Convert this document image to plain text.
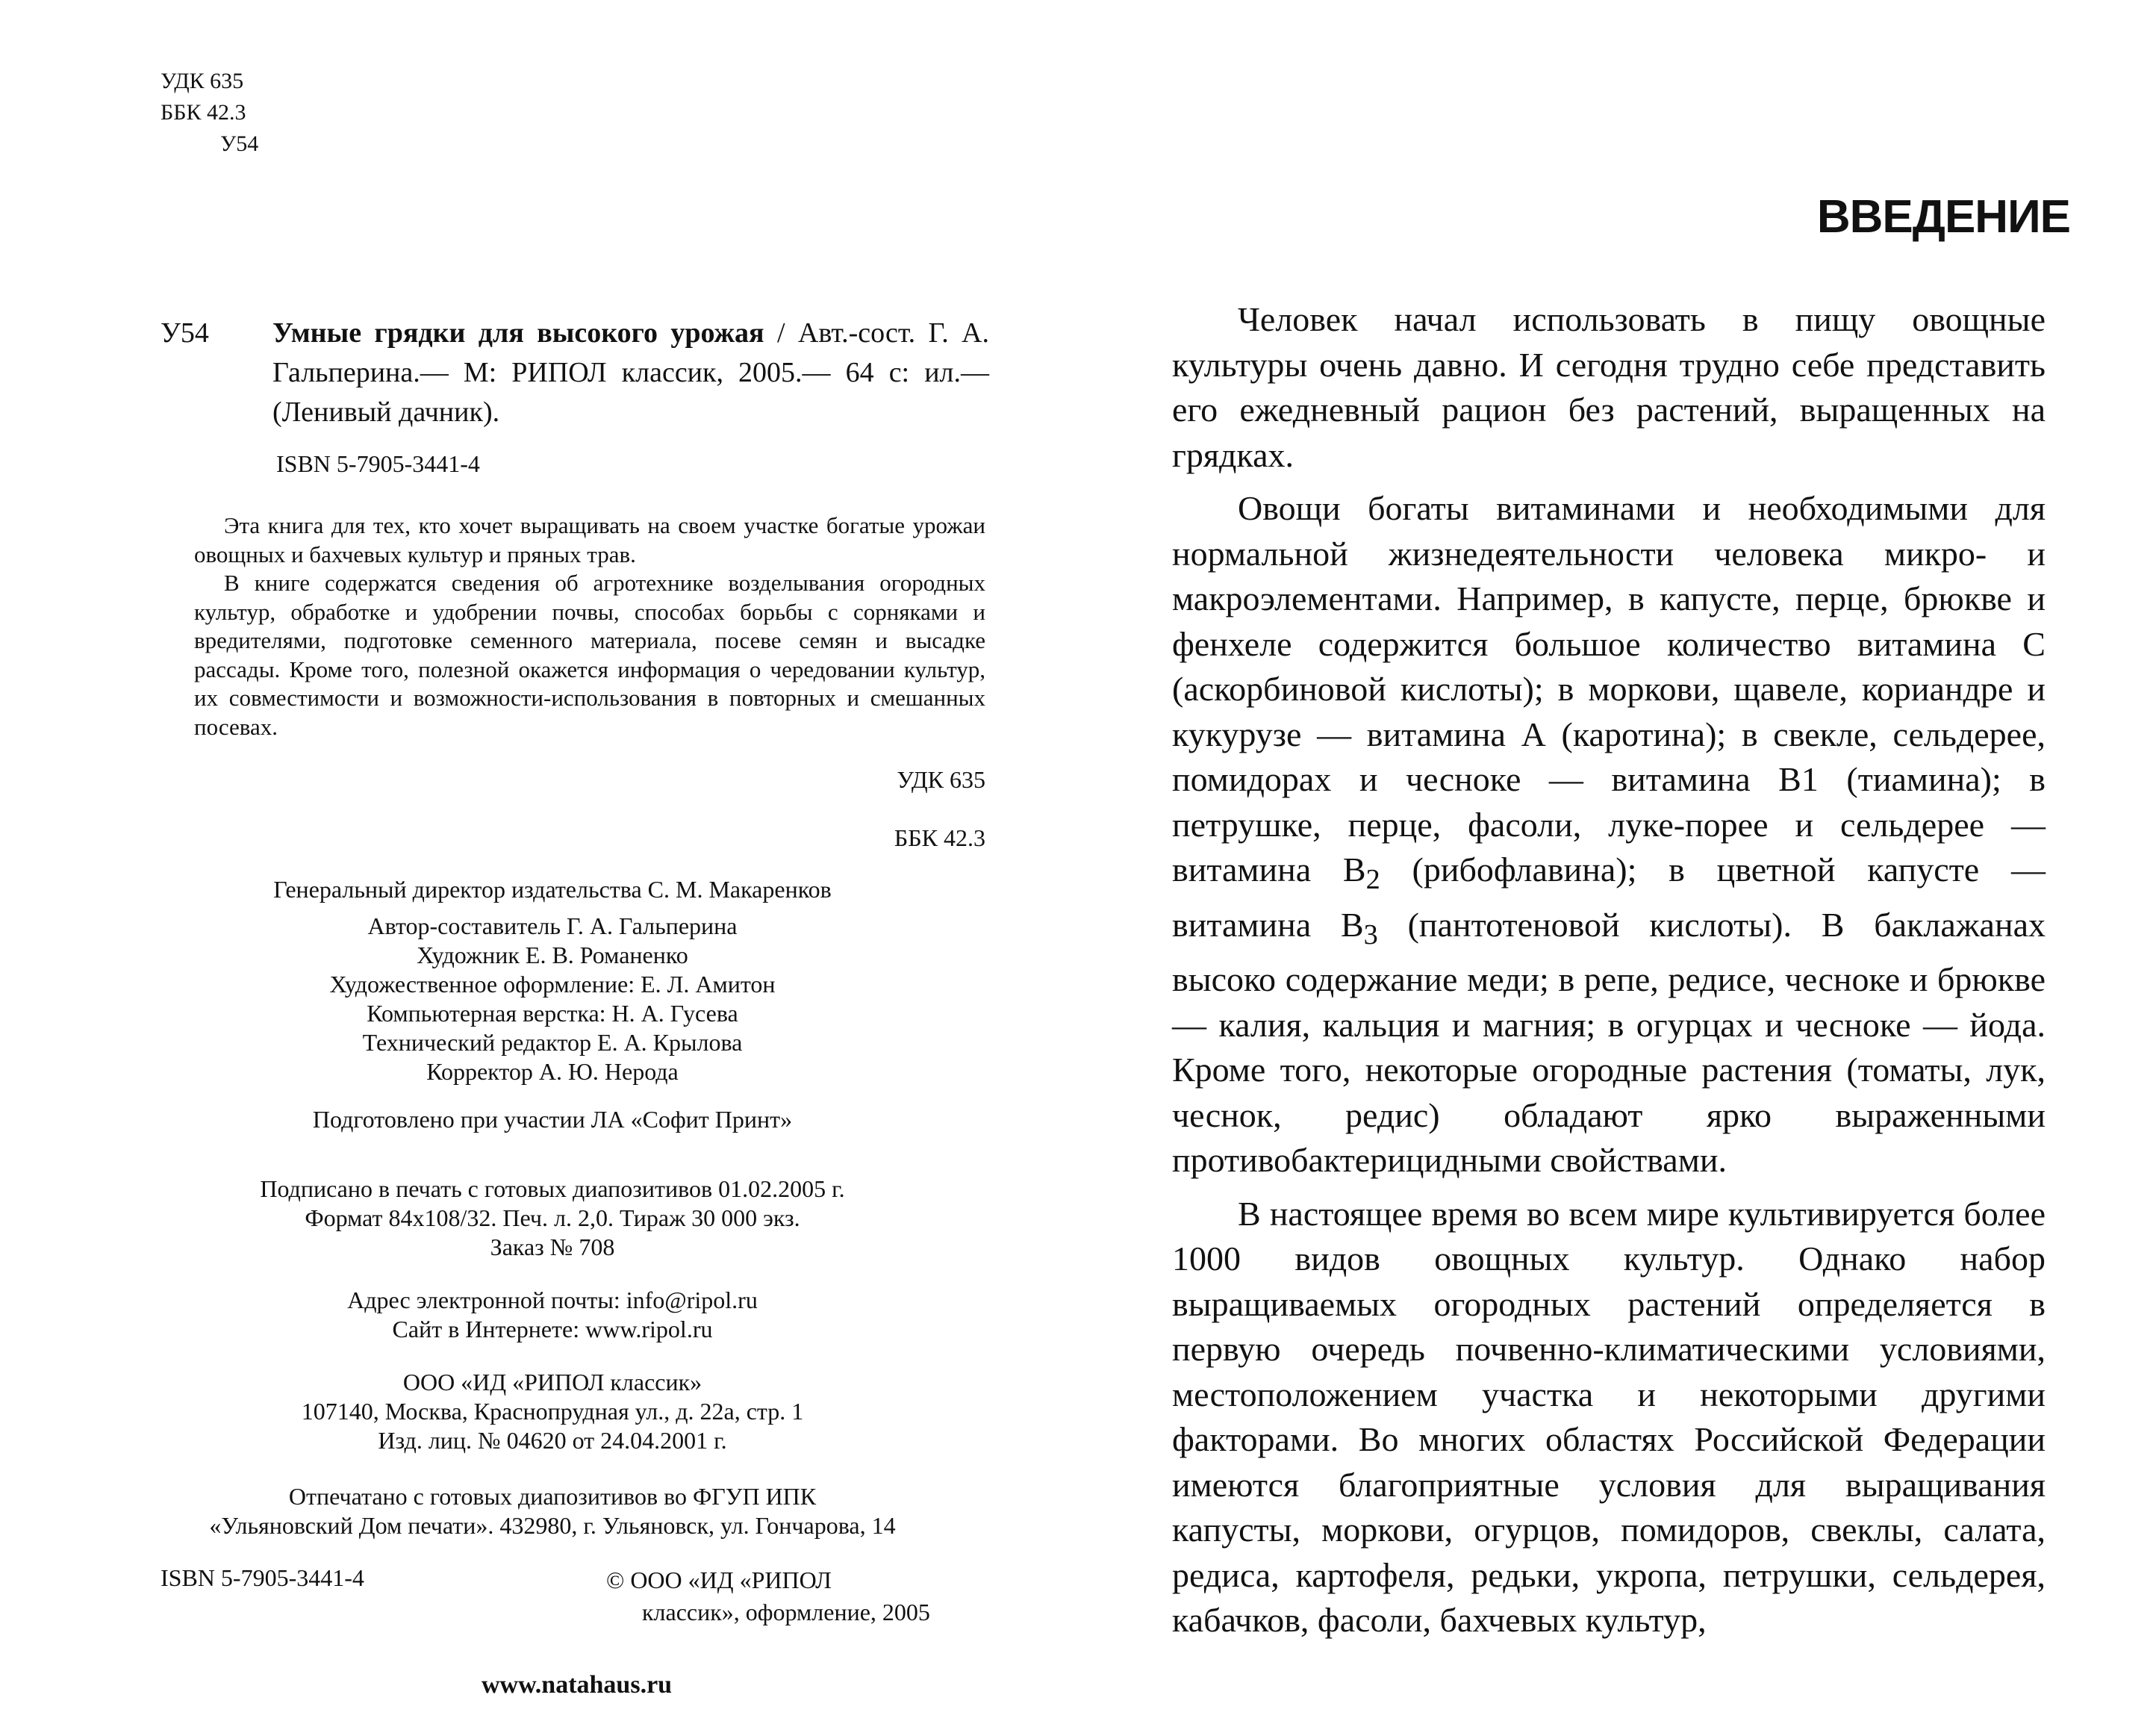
УДК 635
ББК 42.3
У54
У54 Умные грядки для высокого урожая / Авт.-сост. Г. А. Гальперина.— М: РИПОЛ классик, 2005.— 64 с: ил.— (Ленивый дачник).
ISBN 5-7905-3441-4

Эта книга для тех, кто хочет выращивать на своем участке богатые урожаи овощных и бахчевых культур и пряных трав.

В книге содержатся сведения об агротехнике возделывания огородных культур, обработке и удобрении почвы, способах борьбы с сорняками и вредителями, подготовке семенного материала, посеве семян и высадке рассады. Кроме того, полезной окажется информация о чередовании культур, их совместимости и возможности-использования в повторных и смешанных посевах.

УДК 635
ББК 42.3
Генеральный директор издательства С. М. Макаренков
Автор-составитель Г. А. Гальперина
Художник Е. В. Романенко
Художественное оформление: Е. Л. Амитон
Компьютерная верстка: Н. А. Гусева
Технический редактор Е. А. Крылова
Корректор А. Ю. Нерода
Подготовлено при участии ЛА «Софит Принт»
Подписано в печать с готовых диапозитивов 01.02.2005 г.
Формат 84х108/32. Печ. л. 2,0. Тираж 30 000 экз.
Заказ № 708
Адрес электронной почты: info@ripol.ru
Сайт в Интернете: www.ripol.ru
ООО «ИД «РИПОЛ классик»
107140, Москва, Краснопрудная ул., д. 22а, стр. 1
Изд. лиц. № 04620 от 24.04.2001 г.
Отпечатано с готовых диапозитивов во ФГУП ИПК
«Ульяновский Дом печати». 432980, г. Ульяновск, ул. Гончарова, 14
ISBN 5-7905-3441-4	© ООО «ИД «РИПОЛ
классик», оформление, 2005
www.natahaus.ru
ВВЕДЕНИЕ

Человек начал использовать в пищу овощные культуры очень давно. И сегодня трудно себе представить его ежедневный рацион без растений, выращенных на грядках.

Овощи богаты витаминами и необходимыми для нормальной жизнедеятельности человека микро- и макроэлементами. Например, в капусте, перце, брюкве и фенхеле содержится большое количество витамина С (аскорбиновой кислоты); в моркови, щавеле, кориандре и кукурузе — витамина А (каротина); в свекле, сельдерее, помидорах и чесноке — витамина В1 (тиамина); в петрушке, перце, фасоли, луке-порее и сельдерее — витамина $В_2$ (рибофлавина); в цветной капусте — витамина $В_3$ (пантотеновой кислоты). В баклажанах высоко содержание меди; в репе, редисе, чесноке и брюкве — калия, кальция и магния; в огурцах и чесноке — йода. Кроме того, некоторые огородные растения (томаты, лук, чеснок, редис) обладают ярко выраженными противобактерицидными свойствами.

В настоящее время во всем мире культивируется более 1000 видов овощных культур. Однако набор выращиваемых огородных растений определяется в первую очередь почвенно-климатическими условиями, местоположением участка и некоторыми другими факторами. Во многих областях Российской Федерации имеются благоприятные условия для выращивания капусты, моркови, огурцов, помидоров, свеклы, салата, редиса, картофеля, редьки, укропа, петрушки, сельдерея, кабачков, фасоли, бахчевых культур,
